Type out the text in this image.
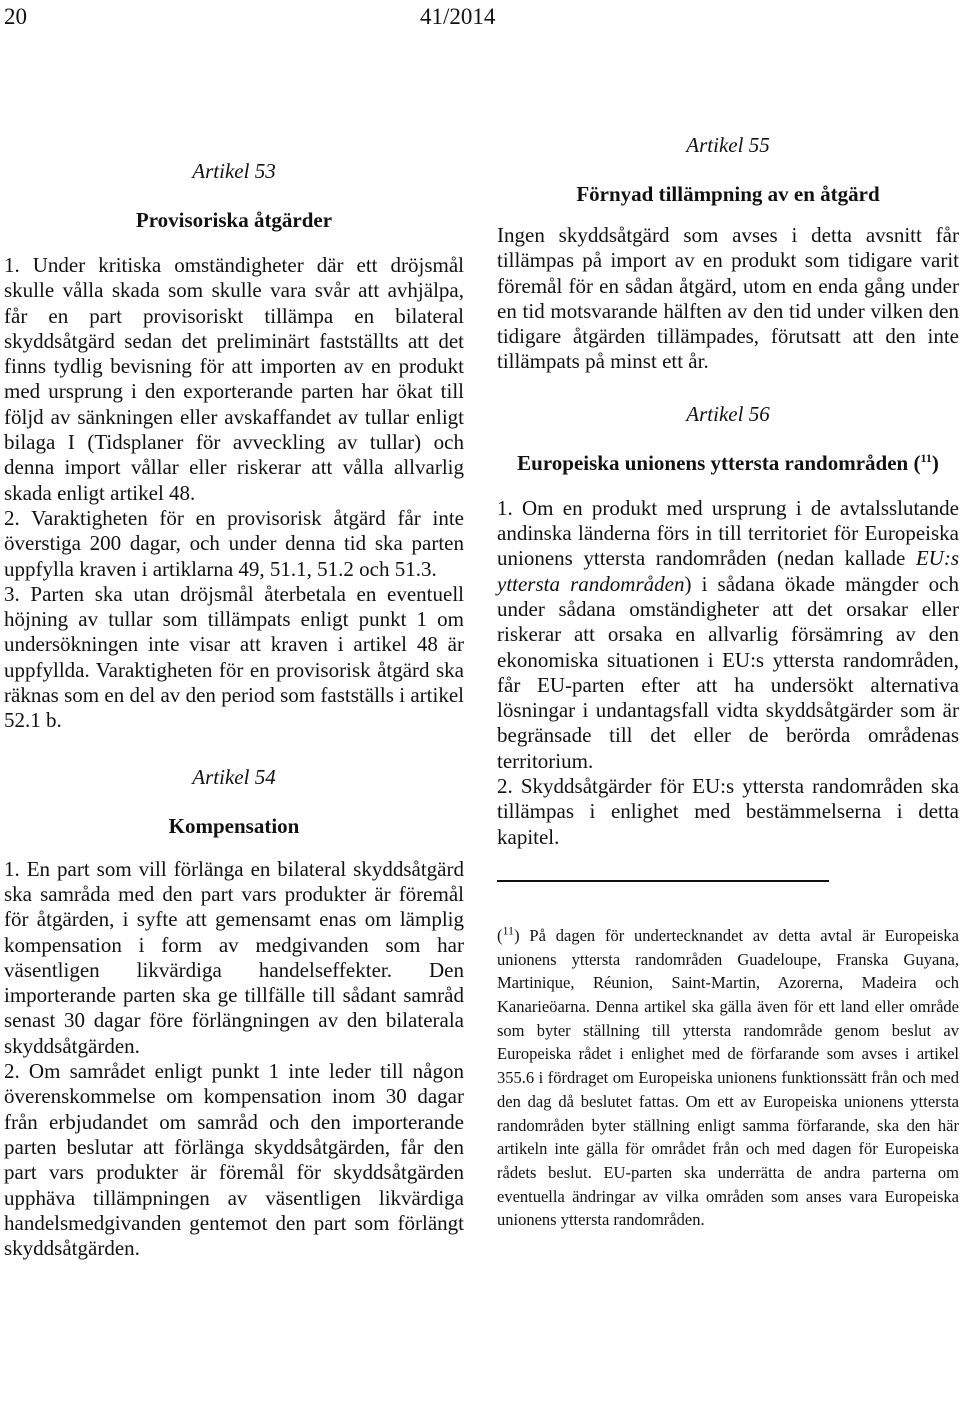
20	41/2014

Artikel 53

Provisoriska åtgärder

1. Under kritiska omständigheter där ett dröjsmål skulle vålla skada som skulle vara svår att avhjälpa, får en part provisoriskt tillämpa en bilateral skyddsåtgärd sedan det preliminärt fastställts att det finns tydlig bevisning för att importen av en produkt med ursprung i den exporterande parten har ökat till följd av sänkningen eller avskaffandet av tullar enligt bilaga I (Tidsplaner för avveckling av tullar) och denna import vållar eller riskerar att vålla allvarlig skada enligt artikel 48.

2. Varaktigheten för en provisorisk åtgärd får inte överstiga 200 dagar, och under denna tid ska parten uppfylla kraven i artiklarna 49, 51.1, 51.2 och 51.3.

3. Parten ska utan dröjsmål återbetala en eventuell höjning av tullar som tillämpats enligt punkt 1 om undersökningen inte visar att kraven i artikel 48 är uppfyllda. Varaktigheten för en provisorisk åtgärd ska räknas som en del av den period som fastställs i artikel 52.1 b.

Artikel 54

Kompensation

1. En part som vill förlänga en bilateral skyddsåtgärd ska samråda med den part vars produkter är föremål för åtgärden, i syfte att gemensamt enas om lämplig kompensation i form av medgivanden som har väsentligen likvärdiga handelseffekter. Den importerande parten ska ge tillfälle till sådant samråd senast 30 dagar före förlängningen av den bilaterala skyddsåtgärden.

2. Om samrådet enligt punkt 1 inte leder till någon överenskommelse om kompensation inom 30 dagar från erbjudandet om samråd och den importerande parten beslutar att förlänga skyddsåtgärden, får den part vars produkter är föremål för skyddsåtgärden upphäva tillämpningen av väsentligen likvärdiga handelsmedgivanden gentemot den part som förlängt skyddsåtgärden.

Artikel 55

Förnyad tillämpning av en åtgärd

Ingen skyddsåtgärd som avses i detta avsnitt får tillämpas på import av en produkt som tidigare varit föremål för en sådan åtgärd, utom en enda gång under en tid motsvarande hälften av den tid under vilken den tidigare åtgärden tillämpades, förutsatt att den inte tillämpats på minst ett år.

Artikel 56

Europeiska unionens yttersta randområden ($^{11}$)

1. Om en produkt med ursprung i de avtalsslutande andinska länderna förs in till territoriet för Europeiska unionens yttersta randområden (nedan kallade EU:s yttersta randområden) i sådana ökade mängder och under sådana omständigheter att det orsakar eller riskerar att orsaka en allvarlig försämring av den ekonomiska situationen i EU:s yttersta randområden, får EU-parten efter att ha undersökt alternativa lösningar i undantagsfall vidta skyddsåtgärder som är begränsade till det eller de berörda områdenas territorium.

2. Skyddsåtgärder för EU:s yttersta randområden ska tillämpas i enlighet med bestämmelserna i detta kapitel.

($^{11}$) På dagen för undertecknandet av detta avtal är Europeiska unionens yttersta randområden Guadeloupe, Franska Guyana, Martinique, Réunion, Saint-Martin, Azorerna, Madeira och Kanarieöarna. Denna artikel ska gälla även för ett land eller område som byter ställning till yttersta randområde genom beslut av Europeiska rådet i enlighet med de förfarande som avses i artikel 355.6 i fördraget om Europeiska unionens funktionssätt från och med den dag då beslutet fattas. Om ett av Europeiska unionens yttersta randområden byter ställning enligt samma förfarande, ska den här artikeln inte gälla för området från och med dagen för Europeiska rådets beslut. EU-parten ska underrätta de andra parterna om eventuella ändringar av vilka områden som anses vara Europeiska unionens yttersta randområden.
